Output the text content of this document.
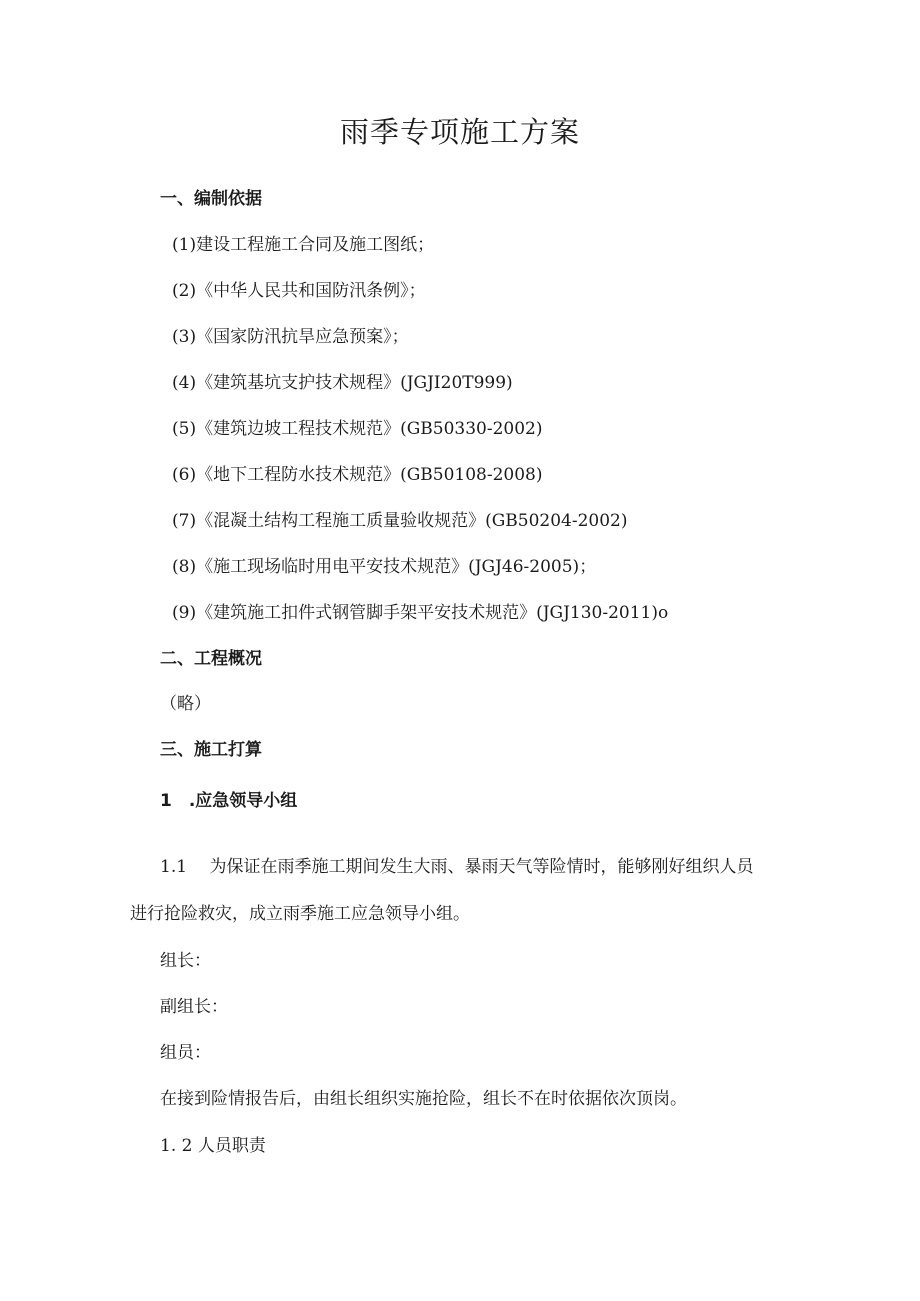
雨季专项施工方案
一、编制依据
(1)建设工程施工合同及施工图纸；
(2)《中华人民共和国防汛条例》；
(3)《国家防汛抗旱应急预案》；
(4)《建筑基坑支护技术规程》(JGJI20T999)
(5)《建筑边坡工程技术规范》(GB50330-2002)
(6)《地下工程防水技术规范》(GB50108-2008)
(7)《混凝土结构工程施工质量验收规范》(GB50204-2002)
(8)《施工现场临时用电平安技术规范》(JGJ46-2005)；
(9)《建筑施工扣件式钢管脚手架平安技术规范》(JGJ130-2011)o
二、工程概况
（略）
三、施工打算
1　.应急领导小组
1.1　 为保证在雨季施工期间发生大雨、暴雨天气等险情时，能够刚好组织人员
进行抢险救灾，成立雨季施工应急领导小组。
组长：
副组长：
组员：
在接到险情报告后，由组长组织实施抢险，组长不在时依据依次顶岗。
1. 2 人员职责
